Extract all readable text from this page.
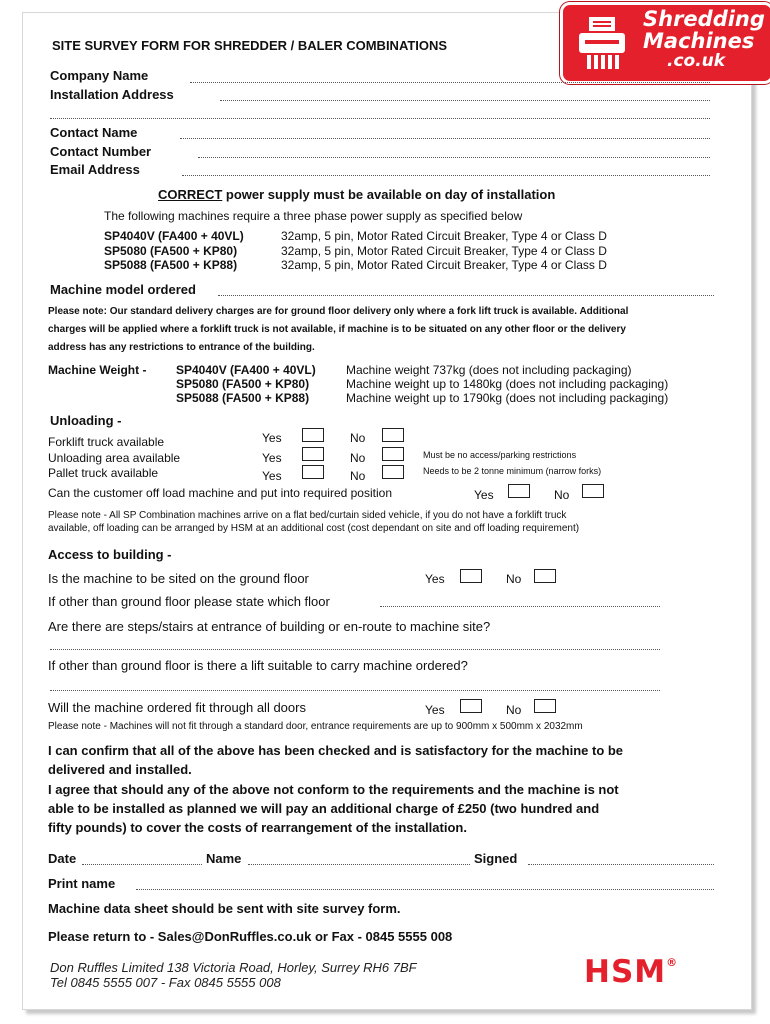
Shredding
Machines
.co.uk
SITE SURVEY FORM FOR SHREDDER / BALER COMBINATIONS
Company Name
Installation Address
Contact Name
Contact Number
Email Address
CORRECT power supply must be available on day of installation
The following machines require a three phase power supply as specified below
SP4040V (FA400 + 40VL)	32amp, 5 pin, Motor Rated Circuit Breaker, Type 4 or Class D
SP5080 (FA500 + KP80)	32amp, 5 pin, Motor Rated Circuit Breaker, Type 4 or Class D
SP5088 (FA500 + KP88)	32amp, 5 pin, Motor Rated Circuit Breaker, Type 4 or Class D
Machine model ordered
Please note: Our standard delivery charges are for ground floor delivery only where a fork lift truck is available. Additional
charges will be applied where a forklift truck is not available, if machine is to be situated on any other floor or the delivery
address has any restrictions to entrance of the building.
Machine Weight - SP4040V (FA400 + 40VL)	Machine weight 737kg (does not including packaging)
SP5080 (FA500 + KP80)	Machine weight up to 1480kg (does not including packaging)
SP5088 (FA500 + KP88)	Machine weight up to 1790kg (does not including packaging)
Unloading -
Forklift truck available	Yes	No
Unloading area available	Yes	No	Must be no access/parking restrictions
Pallet truck available	Yes	No	Needs to be 2 tonne minimum (narrow forks)
Can the customer off load machine and put into required position	Yes	No
Please note - All SP Combination machines arrive on a flat bed/curtain sided vehicle, if you do not have a forklift truck
available, off loading can be arranged by HSM at an additional cost (cost dependant on site and off loading requirement)
Access to building -
Is the machine to be sited on the ground floor	Yes	No
If other than ground floor please state which floor
Are there are steps/stairs at entrance of building or en-route to machine site?
If other than ground floor is there a lift suitable to carry machine ordered?
Will the machine ordered fit through all doors	Yes	No
Please note - Machines will not fit through a standard door, entrance requirements are up to 900mm x 500mm x 2032mm
I can confirm that all of the above has been checked and is satisfactory for the machine to be
delivered and installed.
I agree that should any of the above not conform to the requirements and the machine is not
able to be installed as planned we will pay an additional charge of £250 (two hundred and
fifty pounds) to cover the costs of rearrangement of the installation.
Date	Name	Signed
Print name
Machine data sheet should be sent with site survey form.
Please return to - Sales@DonRuffles.co.uk or Fax - 0845 5555 008
Don Ruffles Limited 138 Victoria Road, Horley, Surrey RH6 7BF
Tel 0845 5555 007 - Fax 0845 5555 008	HSM®
